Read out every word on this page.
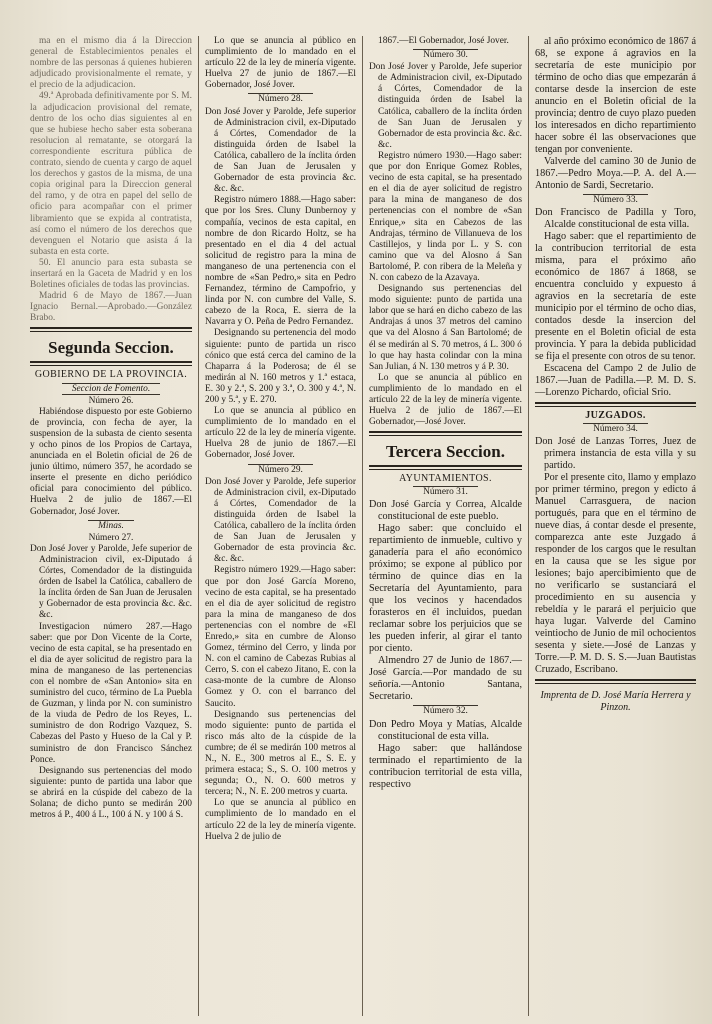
ma en el mismo dia á la Direccion general de Establecimientos penales el nombre de las personas á quienes hubieren adjudicado provisionalmente el remate, y el precio de la adjudicacion.

49.ª Aprobada definitivamente por S. M. la adjudicacion provisional del remate, dentro de los ocho dias siguientes al en que se hubiese hecho saber esta soberana resolucion al rematante, se otorgará la correspondiente escritura pública de contrato, siendo de cuenta y cargo de aquel los derechos y gastos de la misma, de una copia original para la Direccion general del ramo, y de otra en papel del sello de oficio para acompañar con el primer libramiento que se expida al contratista, así como el número de los derechos que devenguen el Notario que asista á la subasta en esta corte.

50. El anuncio para esta subasta se insertará en la Gaceta de Madrid y en los Boletines oficiales de todas las provincias.

Madrid 6 de Mayo de 1867.—Juan Ignacio Bernal.—Aprobado.—González Brabo.

Segunda Seccion.
GOBIERNO DE LA PROVINCIA.

Seccion de Fomento.

Número 26.

Habiéndose dispuesto por este Gobierno de provincia, con fecha de ayer, la suspension de la subasta de ciento sesenta y ocho pinos de los Propios de Cartaya, anunciada en el Boletin oficial de 26 de junio último, número 357, he acordado se inserte el presente en dicho periódico oficial para conocimiento del público. Huelva 2 de julio de 1867.—El Gobernador, José Jover.

Minas.

Número 27.

Don José Jover y Parolde, Jefe superior de Administracion civil, ex-Diputado á Córtes, Comendador de la distinguida órden de Isabel la Católica, caballero de la ínclita órden de San Juan de Jerusalen y Gobernador de esta provincia &c. &c. &c.

Investigacion número 287.—Hago saber: que por Don Vicente de la Corte, vecino de esta capital, se ha presentado en el dia de ayer solicitud de registro para la mina de manganeso de las pertenencias con el nombre de «San Antonio» sita en suministro del cuco, término de La Puebla de Guzman, y linda por N. con suministro de la viuda de Pedro de los Reyes, L. suministro de don Rodrigo Vazquez, S. Cabezas del Pasto y Hueso de la Cal y P. suministro de don Francisco Sánchez Ponce.

Designando sus pertenencias del modo siguiente: punto de partida una labor que se abrirá en la cúspide del cabezo de la Solana; de dicho punto se medirán 200 metros á P., 400 á L., 100 á N. y 100 á S.

Lo que se anuncia al público en cumplimiento de lo mandado en el artículo 22 de la ley de minería vigente. Huelva 27 de junio de 1867.—El Gobernador, José Jover.

Número 28.

Don José Jover y Parolde, Jefe superior de Administracion civil, ex-Diputado á Córtes, Comendador de la distinguida órden de Isabel la Católica, caballero de la ínclita órden de San Juan de Jerusalen y Gobernador de esta provincia &c. &c. &c.

Registro número 1888.—Hago saber: que por los Sres. Cluny Dunbernoy y compañía, vecinos de esta capital, en nombre de don Ricardo Holtz, se ha presentado en el dia 4 del actual solicitud de registro para la mina de manganeso de una pertenencia con el nombre de «San Pedro,» sita en Pedro Fernandez, término de Campofrio, y linda por N. con cumbre del Valle, S. cabezo de la Roca, E. sierra de la Navarra y O. Peña de Pedro Fernandez.

Designando su pertenencia del modo siguiente: punto de partida un risco cónico que está cerca del camino de la Chaparra á la Poderosa; de él se medirán al N. 160 metros y 1.ª estaca, E. 30 y 2.ª, S. 200 y 3.ª, O. 300 y 4.ª, N. 200 y 5.ª, y E. 270.

Lo que se anuncia al público en cumplimiento de lo mandado en el artículo 22 de la ley de minería vigente. Huelva 28 de junio de 1867.—El Gobernador, José Jover.

Número 29.

Don José Jover y Parolde, Jefe superior de Administracion civil, ex-Diputado á Córtes, Comendador de la distinguida órden de Isabel la Católica, caballero de la ínclita órden de San Juan de Jerusalen y Gobernador de esta provincia &c. &c. &c.

Registro número 1929.—Hago saber: que por don José García Moreno, vecino de esta capital, se ha presentado en el dia de ayer solicitud de registro para la mina de manganeso de dos pertenencias con el nombre de «El Enredo,» sita en cumbre de Alonso Gomez, término del Cerro, y linda por N. con el camino de Cabezas Rubias al Cerro, S. con el cabezo Jitano, E. con la casa-monte de la cumbre de Alonso Gomez y O. con el barranco del Saucito.

Designando sus pertenencias del modo siguiente: punto de partida el risco más alto de la cúspide de la cumbre; de él se medirán 100 metros al N., N. E., 300 metros al E., S. E. y primera estaca; S., S. O. 100 metros y segunda; O., N. O. 600 metros y tercera; N., N. E. 200 metros y cuarta.

Lo que se anuncia al público en cumplimiento de lo mandado en el artículo 22 de la ley de minería vigente. Huelva 2 de julio de

1867.—El Gobernador, José Jover.

Número 30.

Don José Jover y Parolde, Jefe superior de Administracion civil, ex-Diputado á Córtes, Comendador de la distinguida órden de Isabel la Católica, caballero de la ínclita órden de San Juan de Jerusalen y Gobernador de esta provincia &c. &c. &c.

Registro número 1930.—Hago saber: que por don Enrique Gomez Robles, vecino de esta capital, se ha presentado en el dia de ayer solicitud de registro para la mina de manganeso de dos pertenencias con el nombre de «San Enrique,» sita en Cabezos de las Andrajas, término de Villanueva de los Castillejos, y linda por L. y S. con camino que va del Alosno á San Bartolomé, P. con ribera de la Meleña y N. con cabezo de la Azavaya.

Designando sus pertenencias del modo siguiente: punto de partida una labor que se hará en dicho cabezo de las Andrajas á unos 37 metros del camino que va del Alosno á San Bartolomé; de él se medirán al S. 70 metros, á L. 300 ó lo que hay hasta colindar con la mina San Julian, á N. 130 metros y á P. 30.

Lo que se anuncia al público en cumplimiento de lo mandado en el artículo 22 de la ley de minería vigente. Huelva 2 de julio de 1867.—El Gobernador,—José Jover.

Tercera Seccion.
AYUNTAMIENTOS.

Número 31.

Don José García y Correa, Alcalde constitucional de este pueblo.

Hago saber: que concluido el repartimiento de inmueble, cultivo y ganadería para el año económico próximo; se expone al público por término de quince dias en la Secretaría del Ayuntamiento, para que los vecinos y hacendados forasteros en él incluidos, puedan reclamar sobre los perjuicios que se les pueden inferir, al girar el tanto por ciento.

Almendro 27 de Junio de 1867.—José García.—Por mandado de su señoría.—Antonio Santana, Secretario.

Número 32.

Don Pedro Moya y Matías, Alcalde constitucional de esta villa.

Hago saber: que hallándose terminado el repartimiento de la contribucion territorial de esta villa, respectivo

al año próximo económico de 1867 á 68, se expone á agravios en la secretaría de este municipio por término de ocho dias que empezarán á contarse desde la insercion de este anuncio en el Boletin oficial de la provincia; dentro de cuyo plazo pueden los interesados en dicho repartimiento hacer sobre él las observaciones que tengan por conveniente.

Valverde del camino 30 de Junio de 1867.—Pedro Moya.—P. A. del A.—Antonio de Sardi, Secretario.

Número 33.

Don Francisco de Padilla y Toro, Alcalde constitucional de esta villa.

Hago saber: que el repartimiento de la contribucion territorial de esta misma, para el próximo año económico de 1867 á 1868, se encuentra concluido y expuesto á agravios en la secretaría de este municipio por el término de ocho dias, contados desde la insercion del presente en el Boletin oficial de esta provincia. Y para la debida publicidad se fija el presente con otros de su tenor.

Escacena del Campo 2 de Julio de 1867.—Juan de Padilla.—P. M. D. S.—Lorenzo Pichardo, oficial Srio.

JUZGADOS.

Número 34.

Don José de Lanzas Torres, Juez de primera instancia de esta villa y su partido.

Por el presente cito, llamo y emplazo por primer término, pregon y edicto á Manuel Carrasguera, de nacion portugués, para que en el término de nueve dias, á contar desde el presente, comparezca ante este Juzgado á responder de los cargos que le resultan en la causa que se les sigue por lesiones; bajo apercibimiento que de no verificarlo se sustanciará el procedimiento en su ausencia y rebeldía y le parará el perjuicio que haya lugar. Valverde del Camino veintiocho de Junio de mil ochocientos sesenta y siete.—José de Lanzas y Torre.—P. M. D. S. S.—Juan Bautistas Cruzado, Escribano.

Imprenta de D. José María Herrera y Pinzon.
